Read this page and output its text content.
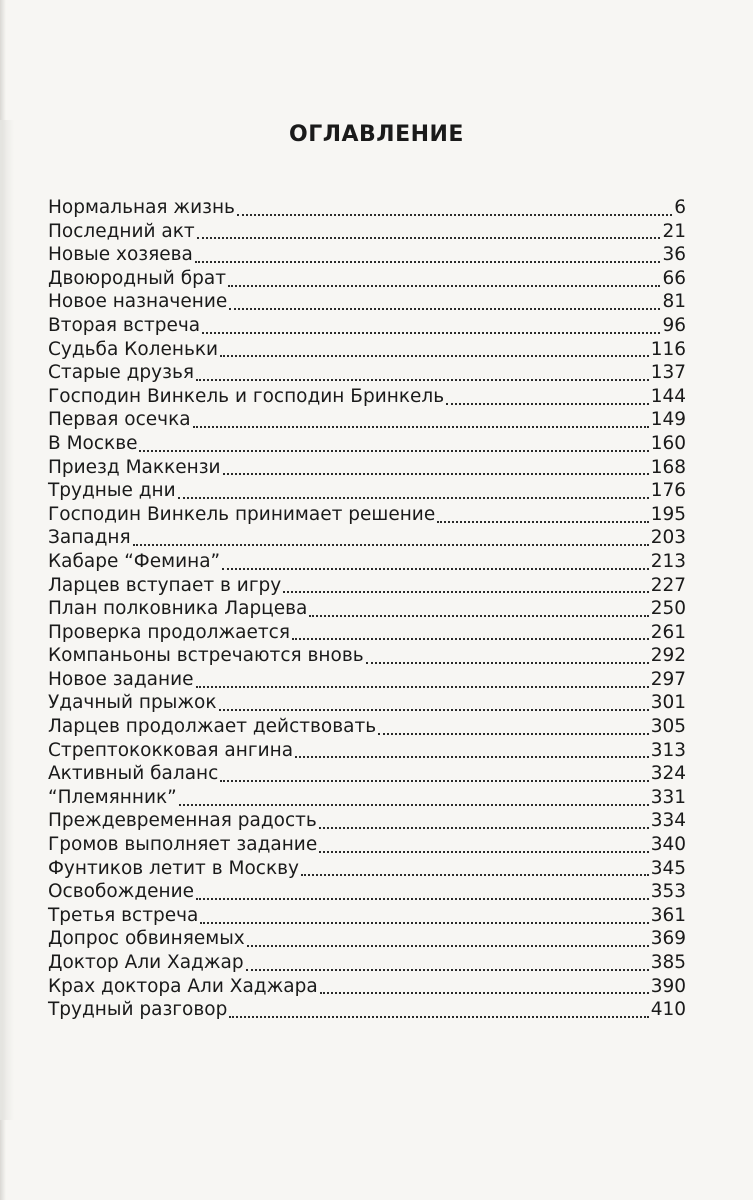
ОГЛАВЛЕНИЕ
Нормальная жизнь	6
Последний акт	21
Новые хозяева	36
Двоюродный брат	66
Новое назначение	81
Вторая встреча	96
Судьба Коленьки	116
Старые друзья	137
Господин Винкель и господин Бринкель	144
Первая осечка	149
В Москве	160
Приезд Маккензи	168
Трудные дни	176
Господин Винкель принимает решение	195
Западня	203
Кабаре “Фемина”	213
Ларцев вступает в игру	227
План полковника Ларцева	250
Проверка продолжается	261
Компаньоны встречаются вновь	292
Новое задание	297
Удачный прыжок	301
Ларцев продолжает действовать	305
Стрептококковая ангина	313
Активный баланс	324
“Племянник”	331
Преждевременная радость	334
Громов выполняет задание	340
Фунтиков летит в Москву	345
Освобождение	353
Третья встреча	361
Допрос обвиняемых	369
Доктор Али Хаджар	385
Крах доктора Али Хаджара	390
Трудный разговор	410
